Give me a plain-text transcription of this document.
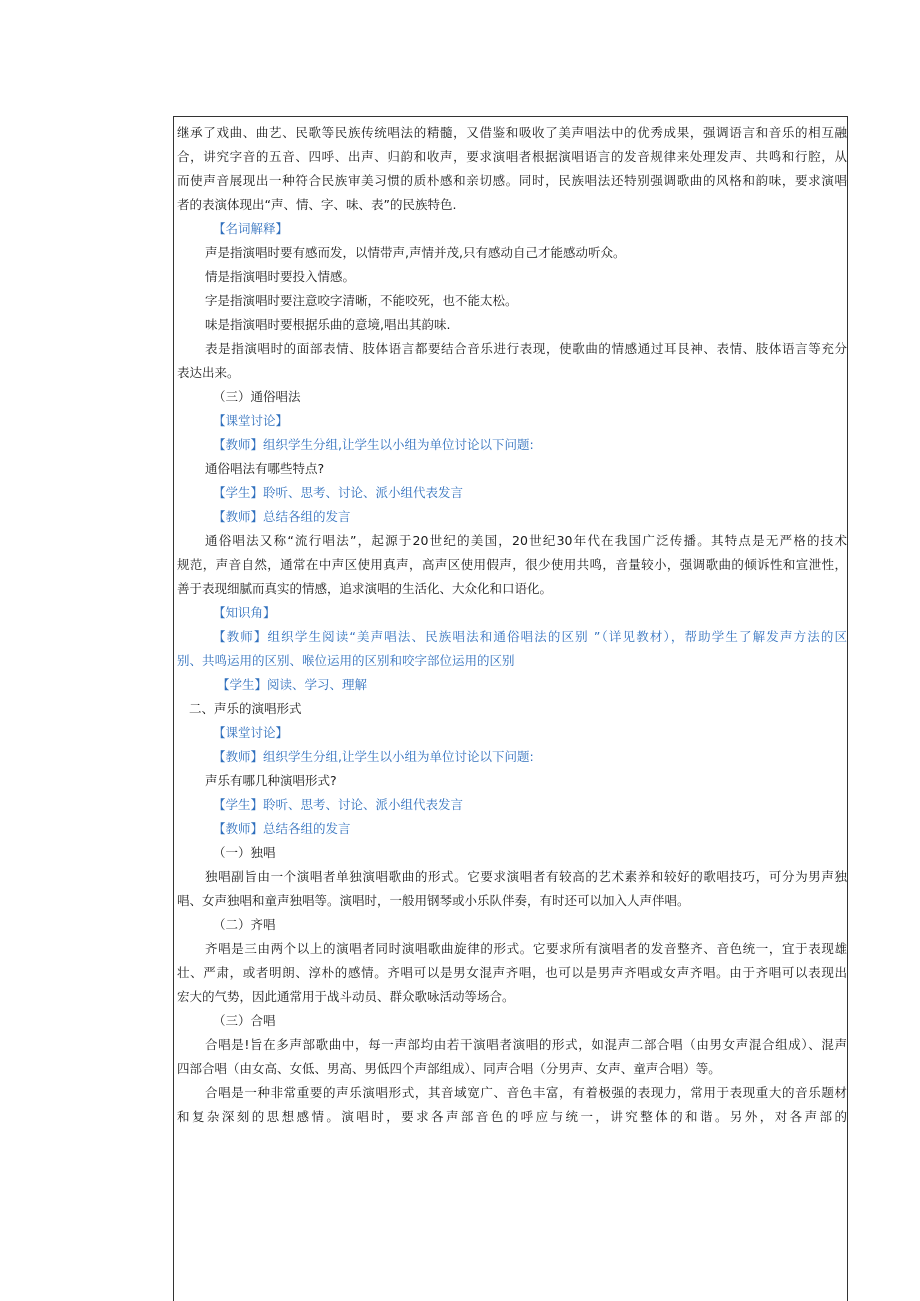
继承了戏曲、曲艺、民歌等民族传统唱法的精髓，又借鉴和吸收了美声唱法中的优秀成果，强调语言和音乐的相互融
合，讲究字音的五音、四呼、出声、归韵和收声，要求演唱者根据演唱语言的发音规律来处理发声、共鸣和行腔，从
而使声音展现出一种符合民族审美习惯的质朴感和亲切感。同时，民族唱法还特别强调歌曲的风格和韵味，要求演唱
者的表演体现出“声、情、字、味、表”的民族特色.
【名词解释】
声是指演唱时要有感而发，以情带声,声情并茂,只有感动自己才能感动听众。
情是指演唱时要投入情感。
字是指演唱时要注意咬字清晰，不能咬死，也不能太松。
味是指演唱时要根据乐曲的意境,唱出其韵味.
表是指演唱时的面部表情、肢体语言都要结合音乐进行表现，使歌曲的情感通过耳艮神、表情、肢体语言等充分
表达出来。
（三）通俗唱法
【课堂讨论】
【教师】组织学生分组,让学生以小组为单位讨论以下问题:
通俗唱法有哪些特点?
【学生】聆听、思考、讨论、派小组代表发言
【教师】总结各组的发言
通俗唱法又称“流行唱法”，起源于20世纪的美国，20世纪30年代在我国广泛传播。其特点是无严格的技术
规范，声音自然，通常在中声区使用真声，高声区使用假声，很少使用共鸣，音量较小，强调歌曲的倾诉性和宣泄性，
善于表现细腻而真实的情感，追求演唱的生活化、大众化和口语化。
【知识角】
【教师】组织学生阅读“美声唱法、民族唱法和通俗唱法的区别 ”（详见教材），帮助学生了解发声方法的区
别、共鸣运用的区别、喉位运用的区别和咬字部位运用的区别
【学生】阅读、学习、理解
二、声乐的演唱形式
【课堂讨论】
【教师】组织学生分组,让学生以小组为单位讨论以下问题:
声乐有哪几种演唱形式?
【学生】聆听、思考、讨论、派小组代表发言
【教师】总结各组的发言
（一）独唱
独唱副旨由一个演唱者单独演唱歌曲的形式。它要求演唱者有较高的艺术素养和较好的歌唱技巧，可分为男声独
唱、女声独唱和童声独唱等。演唱时，一般用钢琴或小乐队伴奏，有时还可以加入人声伴唱。
（二）齐唱
齐唱是三由两个以上的演唱者同时演唱歌曲旋律的形式。它要求所有演唱者的发音整齐、音色统一，宜于表现雄
壮、严肃，或者明朗、淳朴的感情。齐唱可以是男女混声齐唱，也可以是男声齐唱或女声齐唱。由于齐唱可以表现出
宏大的气势，因此通常用于战斗动员、群众歌咏活动等场合。
（三）合唱
合唱是!旨在多声部歌曲中，每一声部均由若干演唱者演唱的形式，如混声二部合唱（由男女声混合组成）、混声
四部合唱（由女高、女低、男高、男低四个声部组成）、同声合唱（分男声、女声、童声合唱）等。
合唱是一种非常重要的声乐演唱形式，其音域宽广、音色丰富，有着极强的表现力，常用于表现重大的音乐题材
和复杂深刻的思想感情。演唱时，要求各声部音色的呼应与统一，讲究整体的和谐。另外，对各声部的
